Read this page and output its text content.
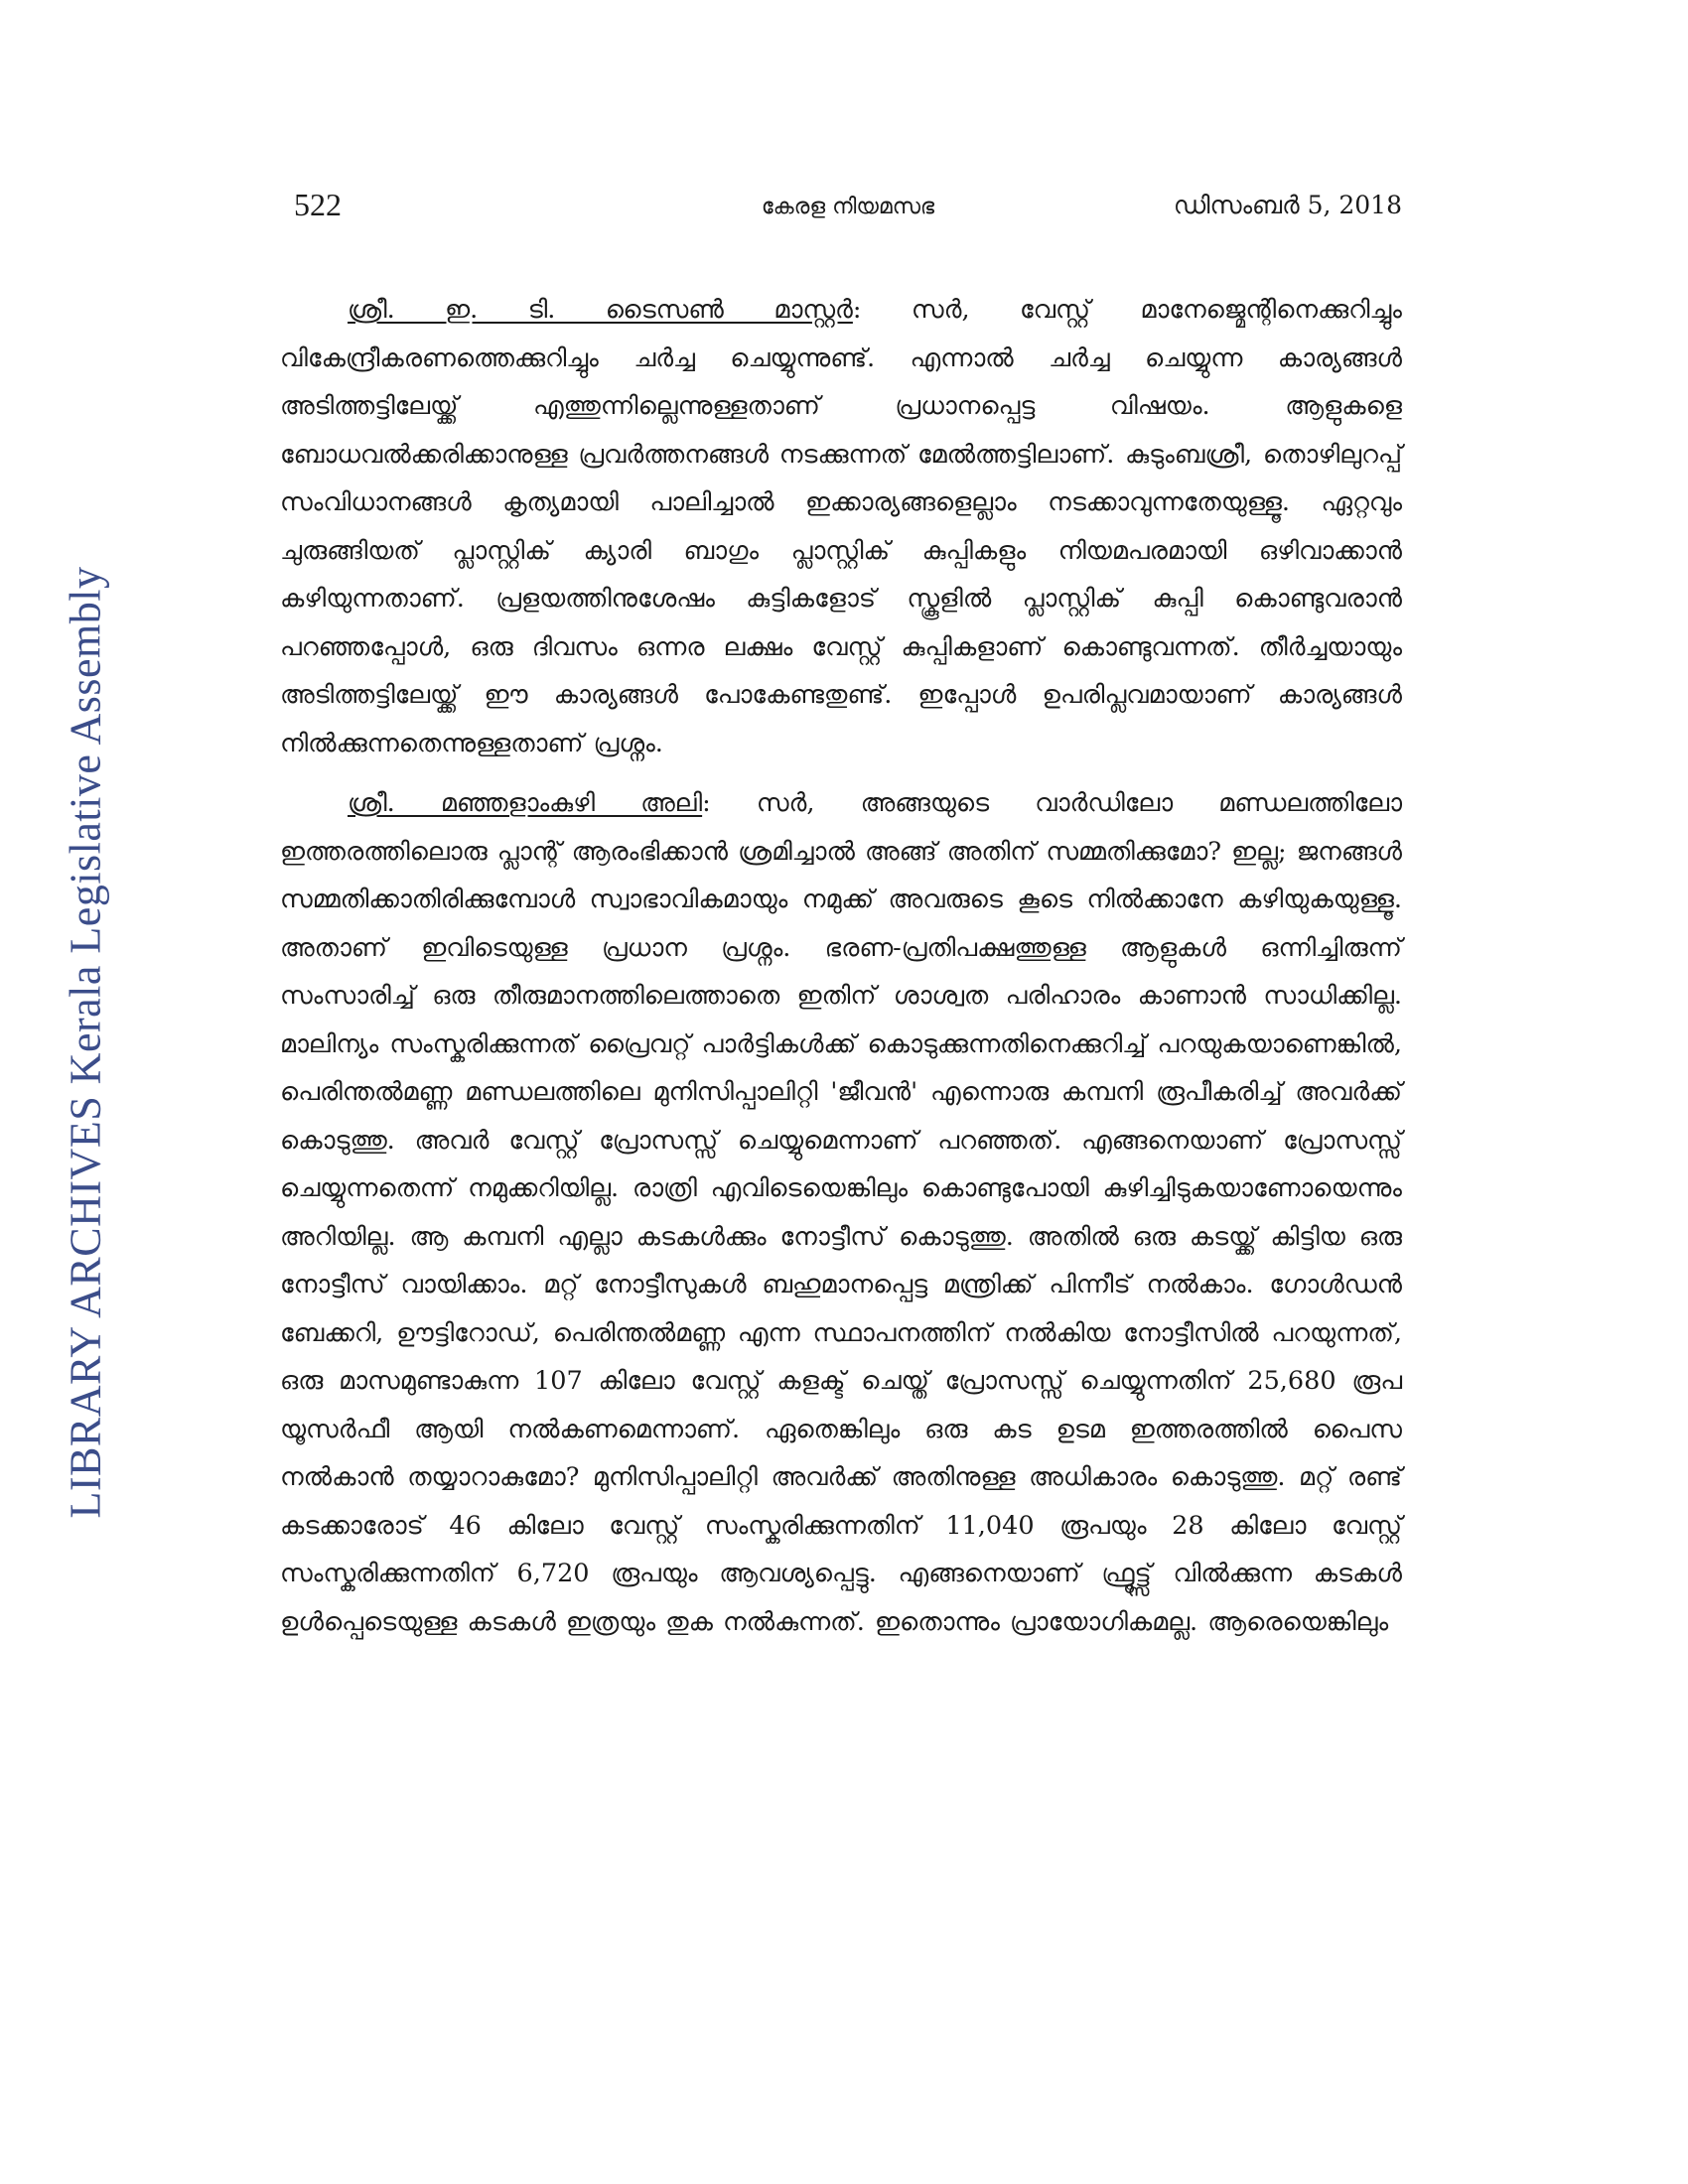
522	കേരള നിയമസഭ	ഡിസംബർ 5, 2018
LIBRARY ARCHIVES Kerala Legislative Assembly

ശ്രീ. ഇ. ടി. ടൈസൺ മാസ്റ്റർ: സർ, വേസ്റ്റ് മാനേജ്മെന്റിനെക്കുറിച്ചും വികേന്ദ്രീകരണത്തെക്കുറിച്ചും ചർച്ച ചെയ്യുന്നുണ്ട്. എന്നാൽ ചർച്ച ചെയ്യുന്ന കാര്യങ്ങൾ അടിത്തട്ടിലേയ്ക്ക് എത്തുന്നില്ലെന്നുള്ളതാണ് പ്രധാനപ്പെട്ട വിഷയം. ആളുകളെ ബോധവൽക്കരിക്കാനുള്ള പ്രവർത്തനങ്ങൾ നടക്കുന്നത് മേൽത്തട്ടിലാണ്. കുടുംബശ്രീ, തൊഴിലുറപ്പ് സംവിധാനങ്ങൾ കൃത്യമായി പാലിച്ചാൽ ഇക്കാര്യങ്ങളെല്ലാം നടക്കാവുന്നതേയുള്ളൂ. ഏറ്റവും ചുരുങ്ങിയത് പ്ലാസ്റ്റിക് ക്യാരി ബാഗും പ്ലാസ്റ്റിക് കുപ്പികളും നിയമപരമായി ഒഴിവാക്കാൻ കഴിയുന്നതാണ്. പ്രളയത്തിനുശേഷം കുട്ടികളോട് സ്കൂളിൽ പ്ലാസ്റ്റിക് കുപ്പി കൊണ്ടുവരാൻ പറഞ്ഞപ്പോൾ, ഒരു ദിവസം ഒന്നര ലക്ഷം വേസ്റ്റ് കുപ്പികളാണ് കൊണ്ടുവന്നത്. തീർച്ചയായും അടിത്തട്ടിലേയ്ക്ക് ഈ കാര്യങ്ങൾ പോകേണ്ടതുണ്ട്. ഇപ്പോൾ ഉപരിപ്ലവമായാണ് കാര്യങ്ങൾ നിൽക്കുന്നതെന്നുള്ളതാണ് പ്രശ്നം.

ശ്രീ. മഞ്ഞളാംകുഴി അലി: സർ, അങ്ങയുടെ വാർഡിലോ മണ്ഡലത്തിലോ ഇത്തരത്തിലൊരു പ്ലാന്റ് ആരംഭിക്കാൻ ശ്രമിച്ചാൽ അങ്ങ് അതിന് സമ്മതിക്കുമോ? ഇല്ല; ജനങ്ങൾ സമ്മതിക്കാതിരിക്കുമ്പോൾ സ്വാഭാവികമായും നമുക്ക് അവരുടെ കൂടെ നിൽക്കാനേ കഴിയുകയുള്ളൂ. അതാണ് ഇവിടെയുള്ള പ്രധാന പ്രശ്നം. ഭരണ-പ്രതിപക്ഷത്തുള്ള ആളുകൾ ഒന്നിച്ചിരുന്ന് സംസാരിച്ച് ഒരു തീരുമാനത്തിലെത്താതെ ഇതിന് ശാശ്വത പരിഹാരം കാണാൻ സാധിക്കില്ല. മാലിന്യം സംസ്കരിക്കുന്നത് പ്രൈവറ്റ് പാർട്ടികൾക്ക് കൊടുക്കുന്നതിനെക്കുറിച്ച് പറയുകയാണെങ്കിൽ, പെരിന്തൽമണ്ണ മണ്ഡലത്തിലെ മുനിസിപ്പാലിറ്റി 'ജീവൻ' എന്നൊരു കമ്പനി രൂപീകരിച്ച് അവർക്ക് കൊടുത്തു. അവർ വേസ്റ്റ് പ്രോസസ്സ് ചെയ്യുമെന്നാണ് പറഞ്ഞത്. എങ്ങനെയാണ് പ്രോസസ്സ് ചെയ്യുന്നതെന്ന് നമുക്കറിയില്ല. രാത്രി എവിടെയെങ്കിലും കൊണ്ടുപോയി കുഴിച്ചിടുകയാണോയെന്നും അറിയില്ല. ആ കമ്പനി എല്ലാ കടകൾക്കും നോട്ടീസ് കൊടുത്തു. അതിൽ ഒരു കടയ്ക്ക് കിട്ടിയ ഒരു നോട്ടീസ് വായിക്കാം. മറ്റ് നോട്ടീസുകൾ ബഹുമാനപ്പെട്ട മന്ത്രിക്ക് പിന്നീട് നൽകാം. ഗോൾഡൻ ബേക്കറി, ഊട്ടിറോഡ്, പെരിന്തൽമണ്ണ എന്ന സ്ഥാപനത്തിന് നൽകിയ നോട്ടീസിൽ പറയുന്നത്, ഒരു മാസമുണ്ടാകുന്ന 107 കിലോ വേസ്റ്റ് കളക്ട് ചെയ്ത് പ്രോസസ്സ് ചെയ്യുന്നതിന് 25,680 രൂപ യൂസർഫീ ആയി നൽകണമെന്നാണ്. ഏതെങ്കിലും ഒരു കട ഉടമ ഇത്തരത്തിൽ പൈസ നൽകാൻ തയ്യാറാകുമോ? മുനിസിപ്പാലിറ്റി അവർക്ക് അതിനുള്ള അധികാരം കൊടുത്തു. മറ്റ് രണ്ട് കടക്കാരോട് 46 കിലോ വേസ്റ്റ് സംസ്കരിക്കുന്നതിന് 11,040 രൂപയും 28 കിലോ വേസ്റ്റ് സംസ്കരിക്കുന്നതിന് 6,720 രൂപയും ആവശ്യപ്പെട്ടു. എങ്ങനെയാണ് ഫ്രൂട്ട്സ് വിൽക്കുന്ന കടകൾ ഉൾപ്പെടെയുള്ള കടകൾ ഇത്രയും തുക നൽകുന്നത്. ഇതൊന്നും പ്രായോഗികമല്ല. ആരെയെങ്കിലും
